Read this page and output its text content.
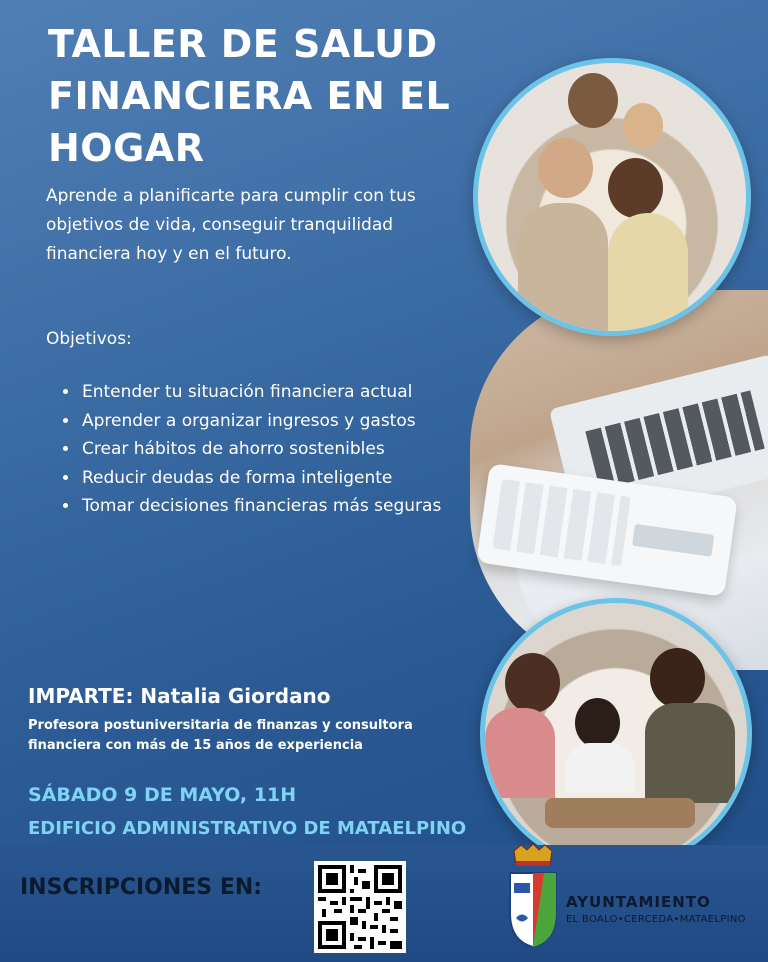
TALLER DE SALUD FINANCIERA EN EL HOGAR

Aprende a planificarte para cumplir con tus objetivos de vida, conseguir tranquilidad financiera hoy y en el futuro.

Objetivos:

• Entender tu situación financiera actual
• Aprender a organizar ingresos y gastos
• Crear hábitos de ahorro sostenibles
• Reducir deudas de forma inteligente
• Tomar decisiones financieras más seguras

IMPARTE: Natalia Giordano

Profesora postuniversitaria de finanzas y consultora financiera con más de 15 años de experiencia

SÁBADO 9 DE MAYO, 11H

EDIFICIO ADMINISTRATIVO DE MATAELPINO

INSCRIPCIONES EN:

AYUNTAMIENTO

EL BOALO•CERCEDA•MATAELPINO
